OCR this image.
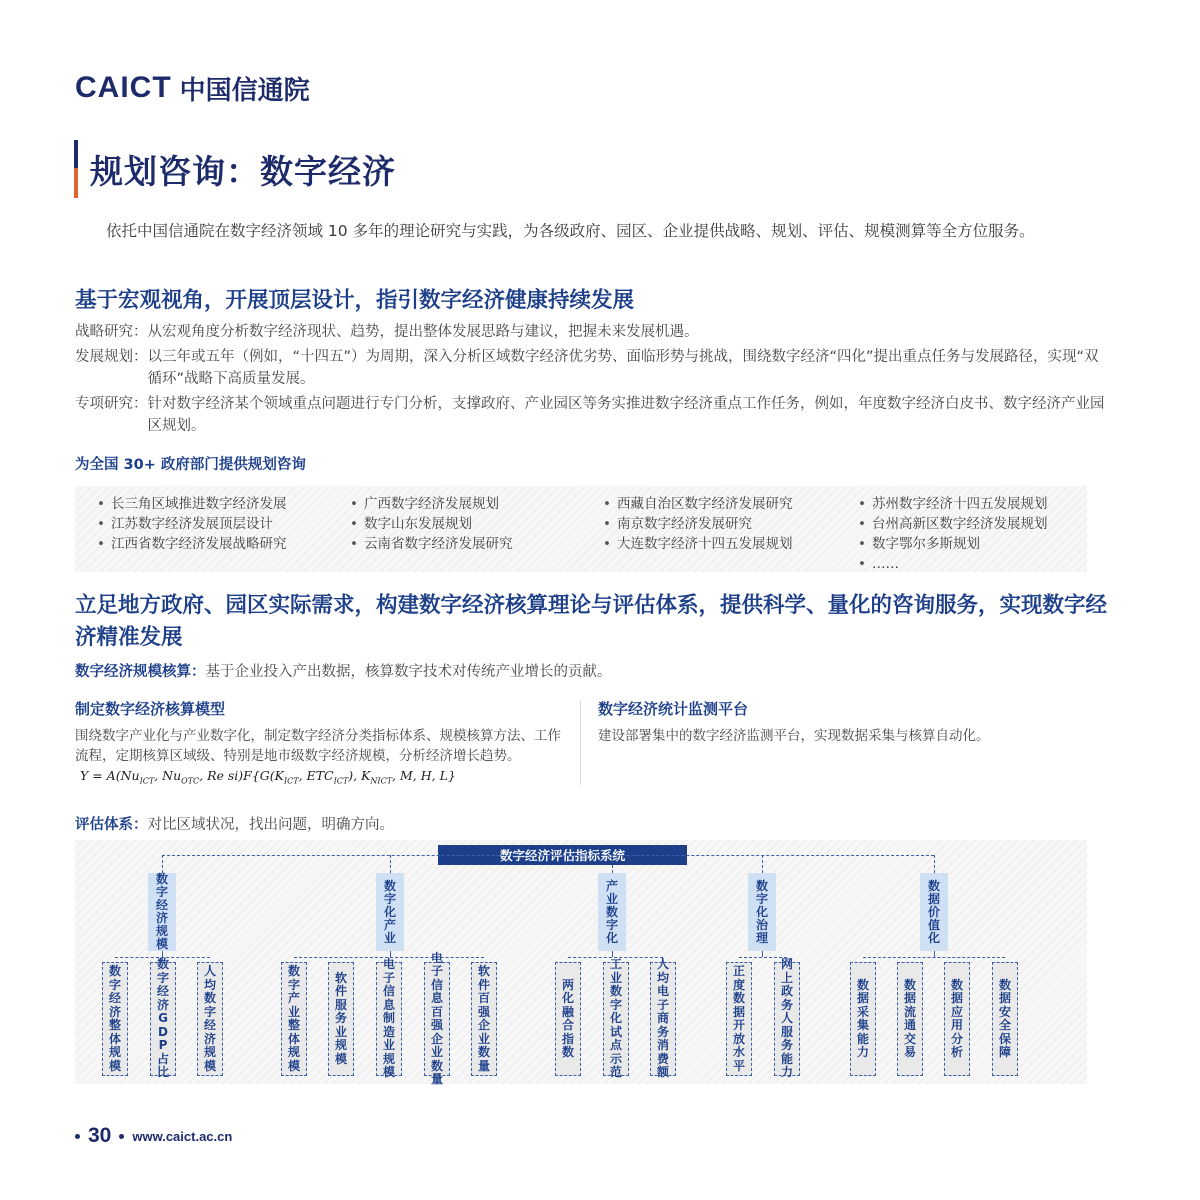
CAICT 中国信通院
规划咨询：数字经济

依托中国信通院在数字经济领域 10 多年的理论研究与实践，为各级政府、园区、企业提供战略、规划、评估、规模测算等全方位服务。

基于宏观视角，开展顶层设计，指引数字经济健康持续发展
战略研究： 从宏观角度分析数字经济现状、趋势，提出整体发展思路与建议，把握未来发展机遇。
发展规划： 以三年或五年（例如，“十四五”）为周期，深入分析区域数字经济优劣势、面临形势与挑战，围绕数字经济“四化”提出重点任务与发展路径，实现“双循环”战略下高质量发展。
专项研究： 针对数字经济某个领域重点问题进行专门分析，支撑政府、产业园区等务实推进数字经济重点工作任务，例如，年度数字经济白皮书、数字经济产业园区规划。
为全国 30+ 政府部门提供规划咨询
• 长三角区域推进数字经济发展
• 江苏数字经济发展顶层设计
• 江西省数字经济发展战略研究
• 广西数字经济发展规划
• 数字山东发展规划
• 云南省数字经济发展研究
• 西藏自治区数字经济发展研究
• 南京数字经济发展研究
• 大连数字经济十四五发展规划
• 苏州数字经济十四五发展规划
• 台州高新区数字经济发展规划
• 数字鄂尔多斯规划
• ……
立足地方政府、园区实际需求，构建数字经济核算理论与评估体系，提供科学、量化的咨询服务，实现数字经济精准发展
数字经济规模核算：基于企业投入产出数据，核算数字技术对传统产业增长的贡献。
制定数字经济核算模型
围绕数字产业化与产业数字化，制定数字经济分类指标体系、规模核算方法、工作流程，定期核算区域级、特别是地市级数字经济规模，分析经济增长趋势。
$Y = A(Nu_{ICT}$, $Nu_{OTC}$, Re $si)F\{G(K_{ICT}$, $ETC_{ICT}$), $K_{NICT}$, M, H, L}
数字经济统计监测平台
建设部署集中的数字经济监测平台，实现数据采集与核算自动化。
评估体系：对比区域状况，找出问题，明确方向。
数字经济评估指标系统
数
字
经
济
规
模
数
字
经
济
整
体
规
模
数
字
经
济
G
D
P
占
比
人
均
数
字
经
济
规
模
数
字
化
产
业
数
字
产
业
整
体
规
模
软
件
服
务
业
规
模
电
子
信
息
制
造
业
规
模
电
子
信
息
百
强
企
业
数
量
软
件
百
强
企
业
数
量
产
业
数
字
化
两
化
融
合
指
数
工
业
数
字
化
试
点
示
范
人
均
电
子
商
务
消
费
额
数
字
化
治
理
正
度
数
据
开
放
水
平
网
上
政
务
人
服
务
能
力
数
据
价
值
化
数
据
采
集
能
力
数
据
流
通
交
易
数
据
应
用
分
析
数
据
安
全
保
障
30 www.caict.ac.cn
